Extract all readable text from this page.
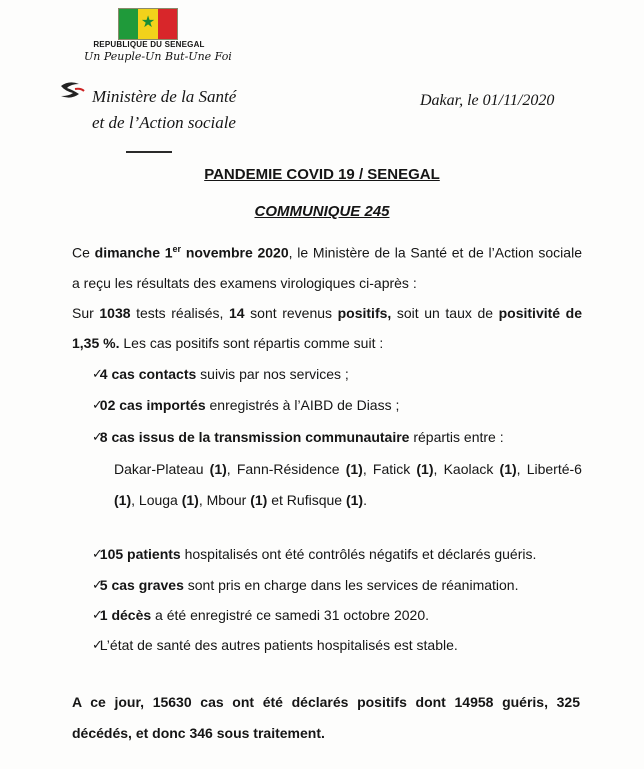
★
REPUBLIQUE DU SENEGAL
Un Peuple-Un But-Une Foi
Ministère de la Santé
et de l’Action sociale
Dakar, le 01/11/2020
PANDEMIE COVID 19 / SENEGAL
COMMUNIQUE 245
Ce dimanche 1er novembre 2020, le Ministère de la Santé et de l’Action sociale
a reçu les résultats des examens virologiques ci-après :
Sur 1038 tests réalisés, 14 sont revenus positifs, soit un taux de positivité de
1,35 %. Les cas positifs sont répartis comme suit :
✓
4 cas contacts suivis par nos services ;
✓
02 cas importés enregistrés à l’AIBD de Diass ;
✓
8 cas issus de la transmission communautaire répartis entre :
Dakar-Plateau (1), Fann-Résidence (1), Fatick (1), Kaolack (1), Liberté-6
(1), Louga (1), Mbour (1) et Rufisque (1).
✓
105 patients hospitalisés ont été contrôlés négatifs et déclarés guéris.
✓
5 cas graves sont pris en charge dans les services de réanimation.
✓
1 décès a été enregistré ce samedi 31 octobre 2020.
✓
L’état de santé des autres patients hospitalisés est stable.
A ce jour, 15630 cas ont été déclarés positifs dont 14958 guéris, 325
décédés, et donc 346 sous traitement.
